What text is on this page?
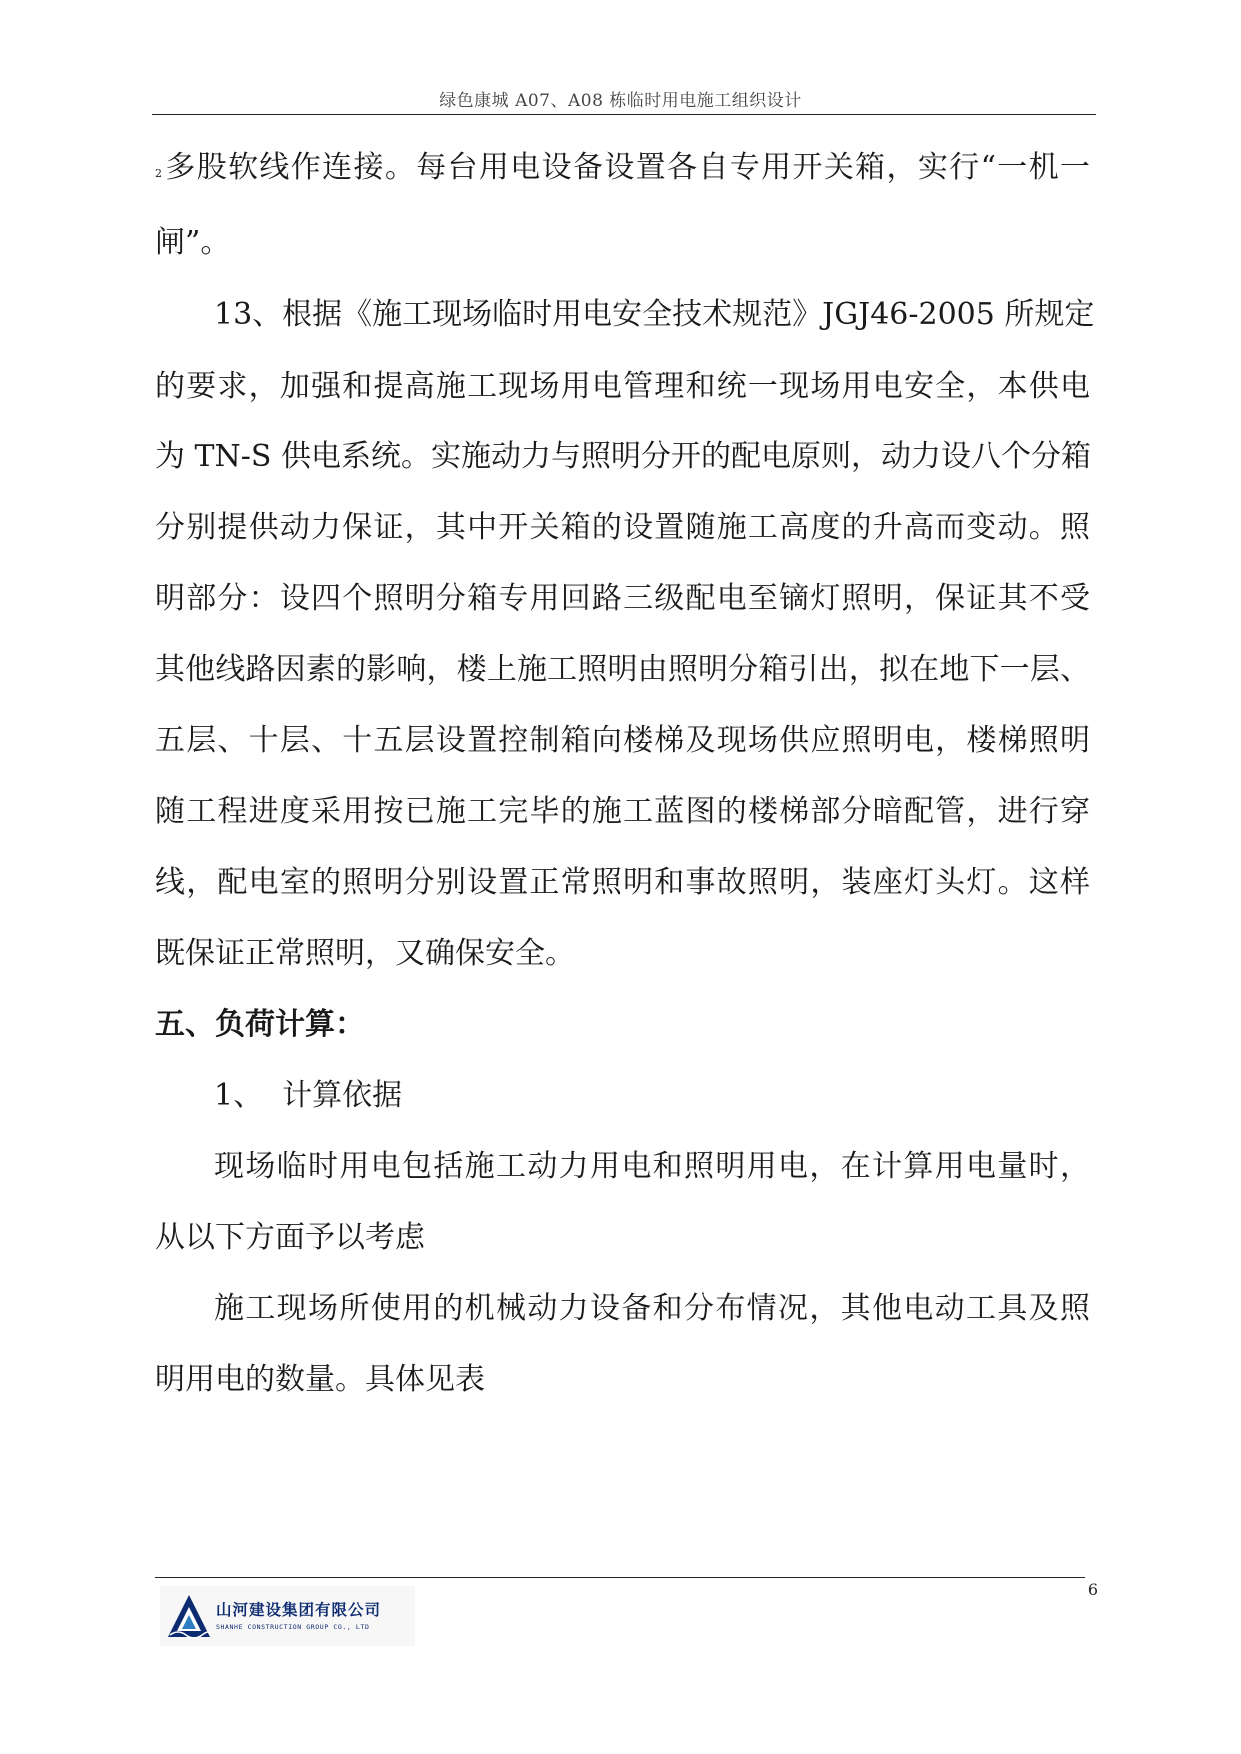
绿色康城 A07、A08 栋临时用电施工组织设计
$^2$多股软线作连接。每台用电设备设置各自专用开关箱，实行“一机一
闸”。
13、根据《施工现场临时用电安全技术规范》JGJ46-2005 所规定
的要求，加强和提高施工现场用电管理和统一现场用电安全，本供电
为 TN-S 供电系统。实施动力与照明分开的配电原则，动力设八个分箱
分别提供动力保证，其中开关箱的设置随施工高度的升高而变动。照
明部分：设四个照明分箱专用回路三级配电至镝灯照明，保证其不受
其他线路因素的影响，楼上施工照明由照明分箱引出，拟在地下一层、
五层、十层、十五层设置控制箱向楼梯及现场供应照明电，楼梯照明
随工程进度采用按已施工完毕的施工蓝图的楼梯部分暗配管，进行穿
线，配电室的照明分别设置正常照明和事故照明，装座灯头灯。这样
既保证正常照明，又确保安全。
五、负荷计算：
1、  计算依据
现场临时用电包括施工动力用电和照明用电，在计算用电量时，
从以下方面予以考虑
施工现场所使用的机械动力设备和分布情况，其他电动工具及照
明用电的数量。具体见表
6
山河建设集团有限公司
SHANHE CONSTRUCTION GROUP CO., LTD
